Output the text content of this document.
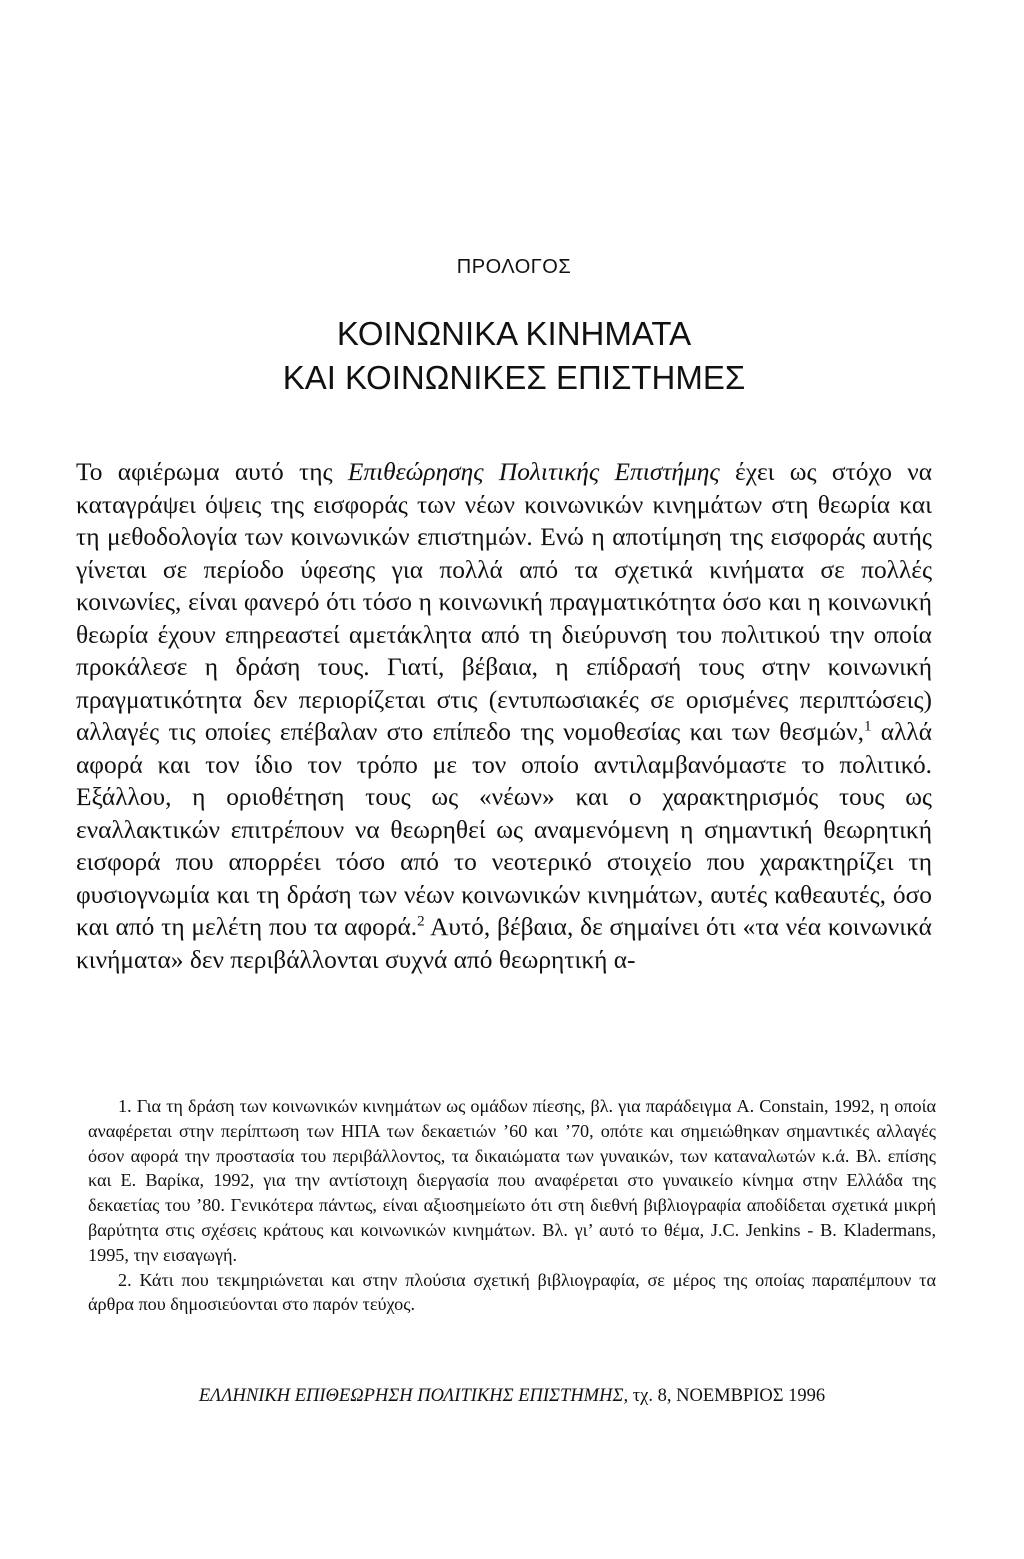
ΠΡΟΛΟΓΟΣ
ΚΟΙΝΩΝΙΚΑ ΚΙΝΗΜΑΤΑ
ΚΑΙ ΚΟΙΝΩΝΙΚΕΣ ΕΠΙΣΤΗΜΕΣ

Το αφιέρωμα αυτό της Επιθεώρησης Πολιτικής Επιστήμης έχει ως στόχο να καταγράψει όψεις της εισφοράς των νέων κοινωνικών κινημάτων στη θεωρία και τη μεθοδολογία των κοινωνικών επιστημών. Ενώ η αποτίμηση της εισφοράς αυτής γίνεται σε περίοδο ύφεσης για πολλά από τα σχετικά κινήματα σε πολλές κοινωνίες, είναι φανερό ότι τόσο η κοινωνική πραγματικότητα όσο και η κοινωνική θεωρία έχουν επηρεαστεί αμετάκλητα από τη διεύρυνση του πολιτικού την οποία προκάλεσε η δράση τους. Γιατί, βέβαια, η επίδρασή τους στην κοινωνική πραγματικότητα δεν περιορίζεται στις (εντυπωσιακές σε ορισμένες περιπτώσεις) αλλαγές τις οποίες επέβαλαν στο επίπεδο της νομοθεσίας και των θεσμών,$^1$ αλλά αφορά και τον ίδιο τον τρόπο με τον οποίο αντιλαμβανόμαστε το πολιτικό. Εξάλλου, η οριοθέτηση τους ως «νέων» και ο χαρακτηρισμός τους ως εναλλακτικών επιτρέπουν να θεωρηθεί ως αναμενόμενη η σημαντική θεωρητική εισφορά που απορρέει τόσο από το νεοτερικό στοιχείο που χαρακτηρίζει τη φυσιογνωμία και τη δράση των νέων κοινωνικών κινημάτων, αυτές καθεαυτές, όσο και από τη μελέτη που τα αφορά.$^2$ Αυτό, βέβαια, δε σημαίνει ότι «τα νέα κοινωνικά κινήματα» δεν περιβάλλονται συχνά από θεωρητική α-

1. Για τη δράση των κοινωνικών κινημάτων ως ομάδων πίεσης, βλ. για παράδειγμα A. Constain, 1992, η οποία αναφέρεται στην περίπτωση των ΗΠΑ των δεκαετιών ’60 και ’70, οπότε και σημειώθηκαν σημαντικές αλλαγές όσον αφορά την προστασία του περιβάλλοντος, τα δικαιώματα των γυναικών, των καταναλωτών κ.ά. Βλ. επίσης και Ε. Βαρίκα, 1992, για την αντίστοιχη διεργασία που αναφέρεται στο γυναικείο κίνημα στην Ελλάδα της δεκαετίας του ’80. Γενικότερα πάντως, είναι αξιοσημείωτο ότι στη διεθνή βιβλιογραφία αποδίδεται σχετικά μικρή βαρύτητα στις σχέσεις κράτους και κοινωνικών κινημάτων. Βλ. γι’ αυτό το θέμα, J.C. Jenkins - B. Kladermans, 1995, την εισαγωγή.

2. Κάτι που τεκμηριώνεται και στην πλούσια σχετική βιβλιογραφία, σε μέρος της οποίας παραπέμπουν τα άρθρα που δημοσιεύονται στο παρόν τεύχος.

ΕΛΛΗΝΙΚΗ ΕΠΙΘΕΩΡΗΣΗ ΠΟΛΙΤΙΚΗΣ ΕΠΙΣΤΗΜΗΣ, τχ. 8, ΝΟΕΜΒΡΙΟΣ 1996
